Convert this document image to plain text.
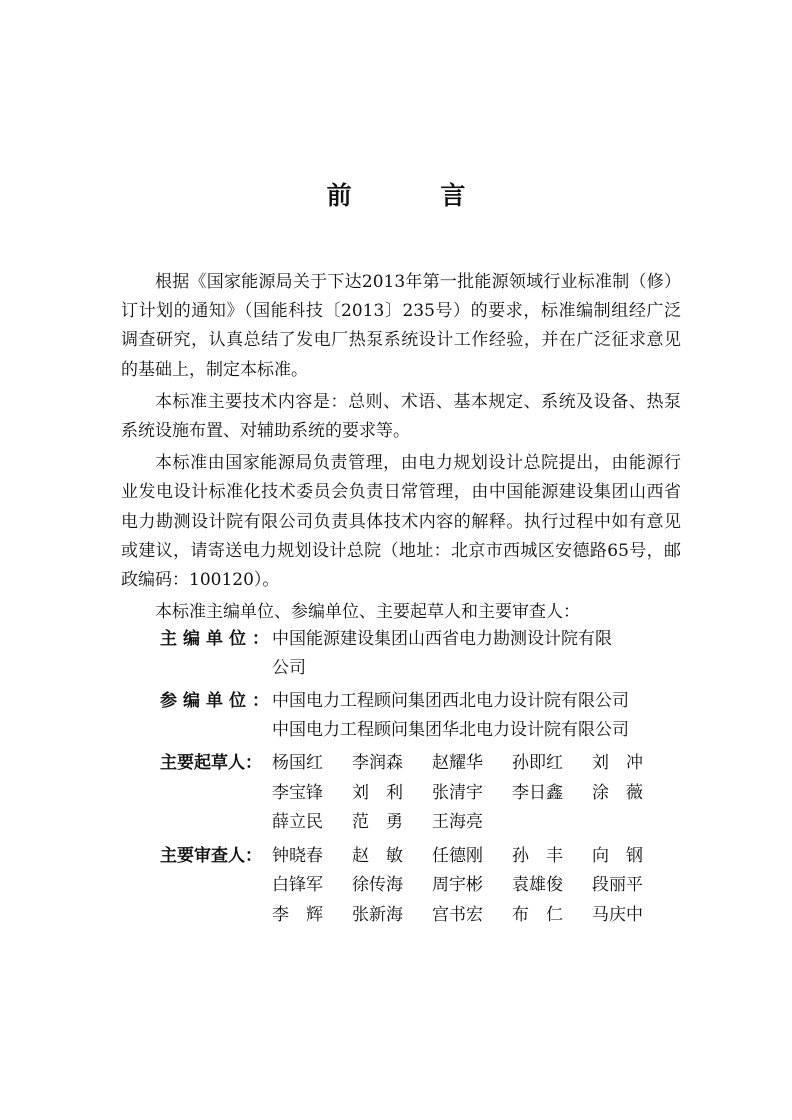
前 言

根据《国家能源局关于下达2013年第一批能源领域行业标准制（修）订计划的通知》（国能科技〔2013〕235号）的要求，标准编制组经广泛调查研究，认真总结了发电厂热泵系统设计工作经验，并在广泛征求意见的基础上，制定本标准。

本标准主要技术内容是：总则、术语、基本规定、系统及设备、热泵系统设施布置、对辅助系统的要求等。

本标准由国家能源局负责管理，由电力规划设计总院提出，由能源行业发电设计标准化技术委员会负责日常管理，由中国能源建设集团山西省电力勘测设计院有限公司负责具体技术内容的解释。执行过程中如有意见或建议，请寄送电力规划设计总院（地址：北京市西城区安德路65号，邮政编码：100120）。

本标准主编单位、参编单位、主要起草人和主要审查人：

主编单位：
中国能源建设集团山西省电力勘测设计院有限
公司
参编单位：
中国电力工程顾问集团西北电力设计院有限公司
中国电力工程顾问集团华北电力设计院有限公司
主要起草人： 杨国红	李润森	赵耀华	孙即红	刘冲
李宝锋	刘利 张清宇	李日鑫	涂薇
薛立民	范勇 王海亮
主要审查人： 钟晓春	赵敏 任德刚	孙丰 向钢
白锋军	徐传海	周宇彬	袁雄俊	段丽平
李辉 张新海	宫书宏	布仁 马庆中
